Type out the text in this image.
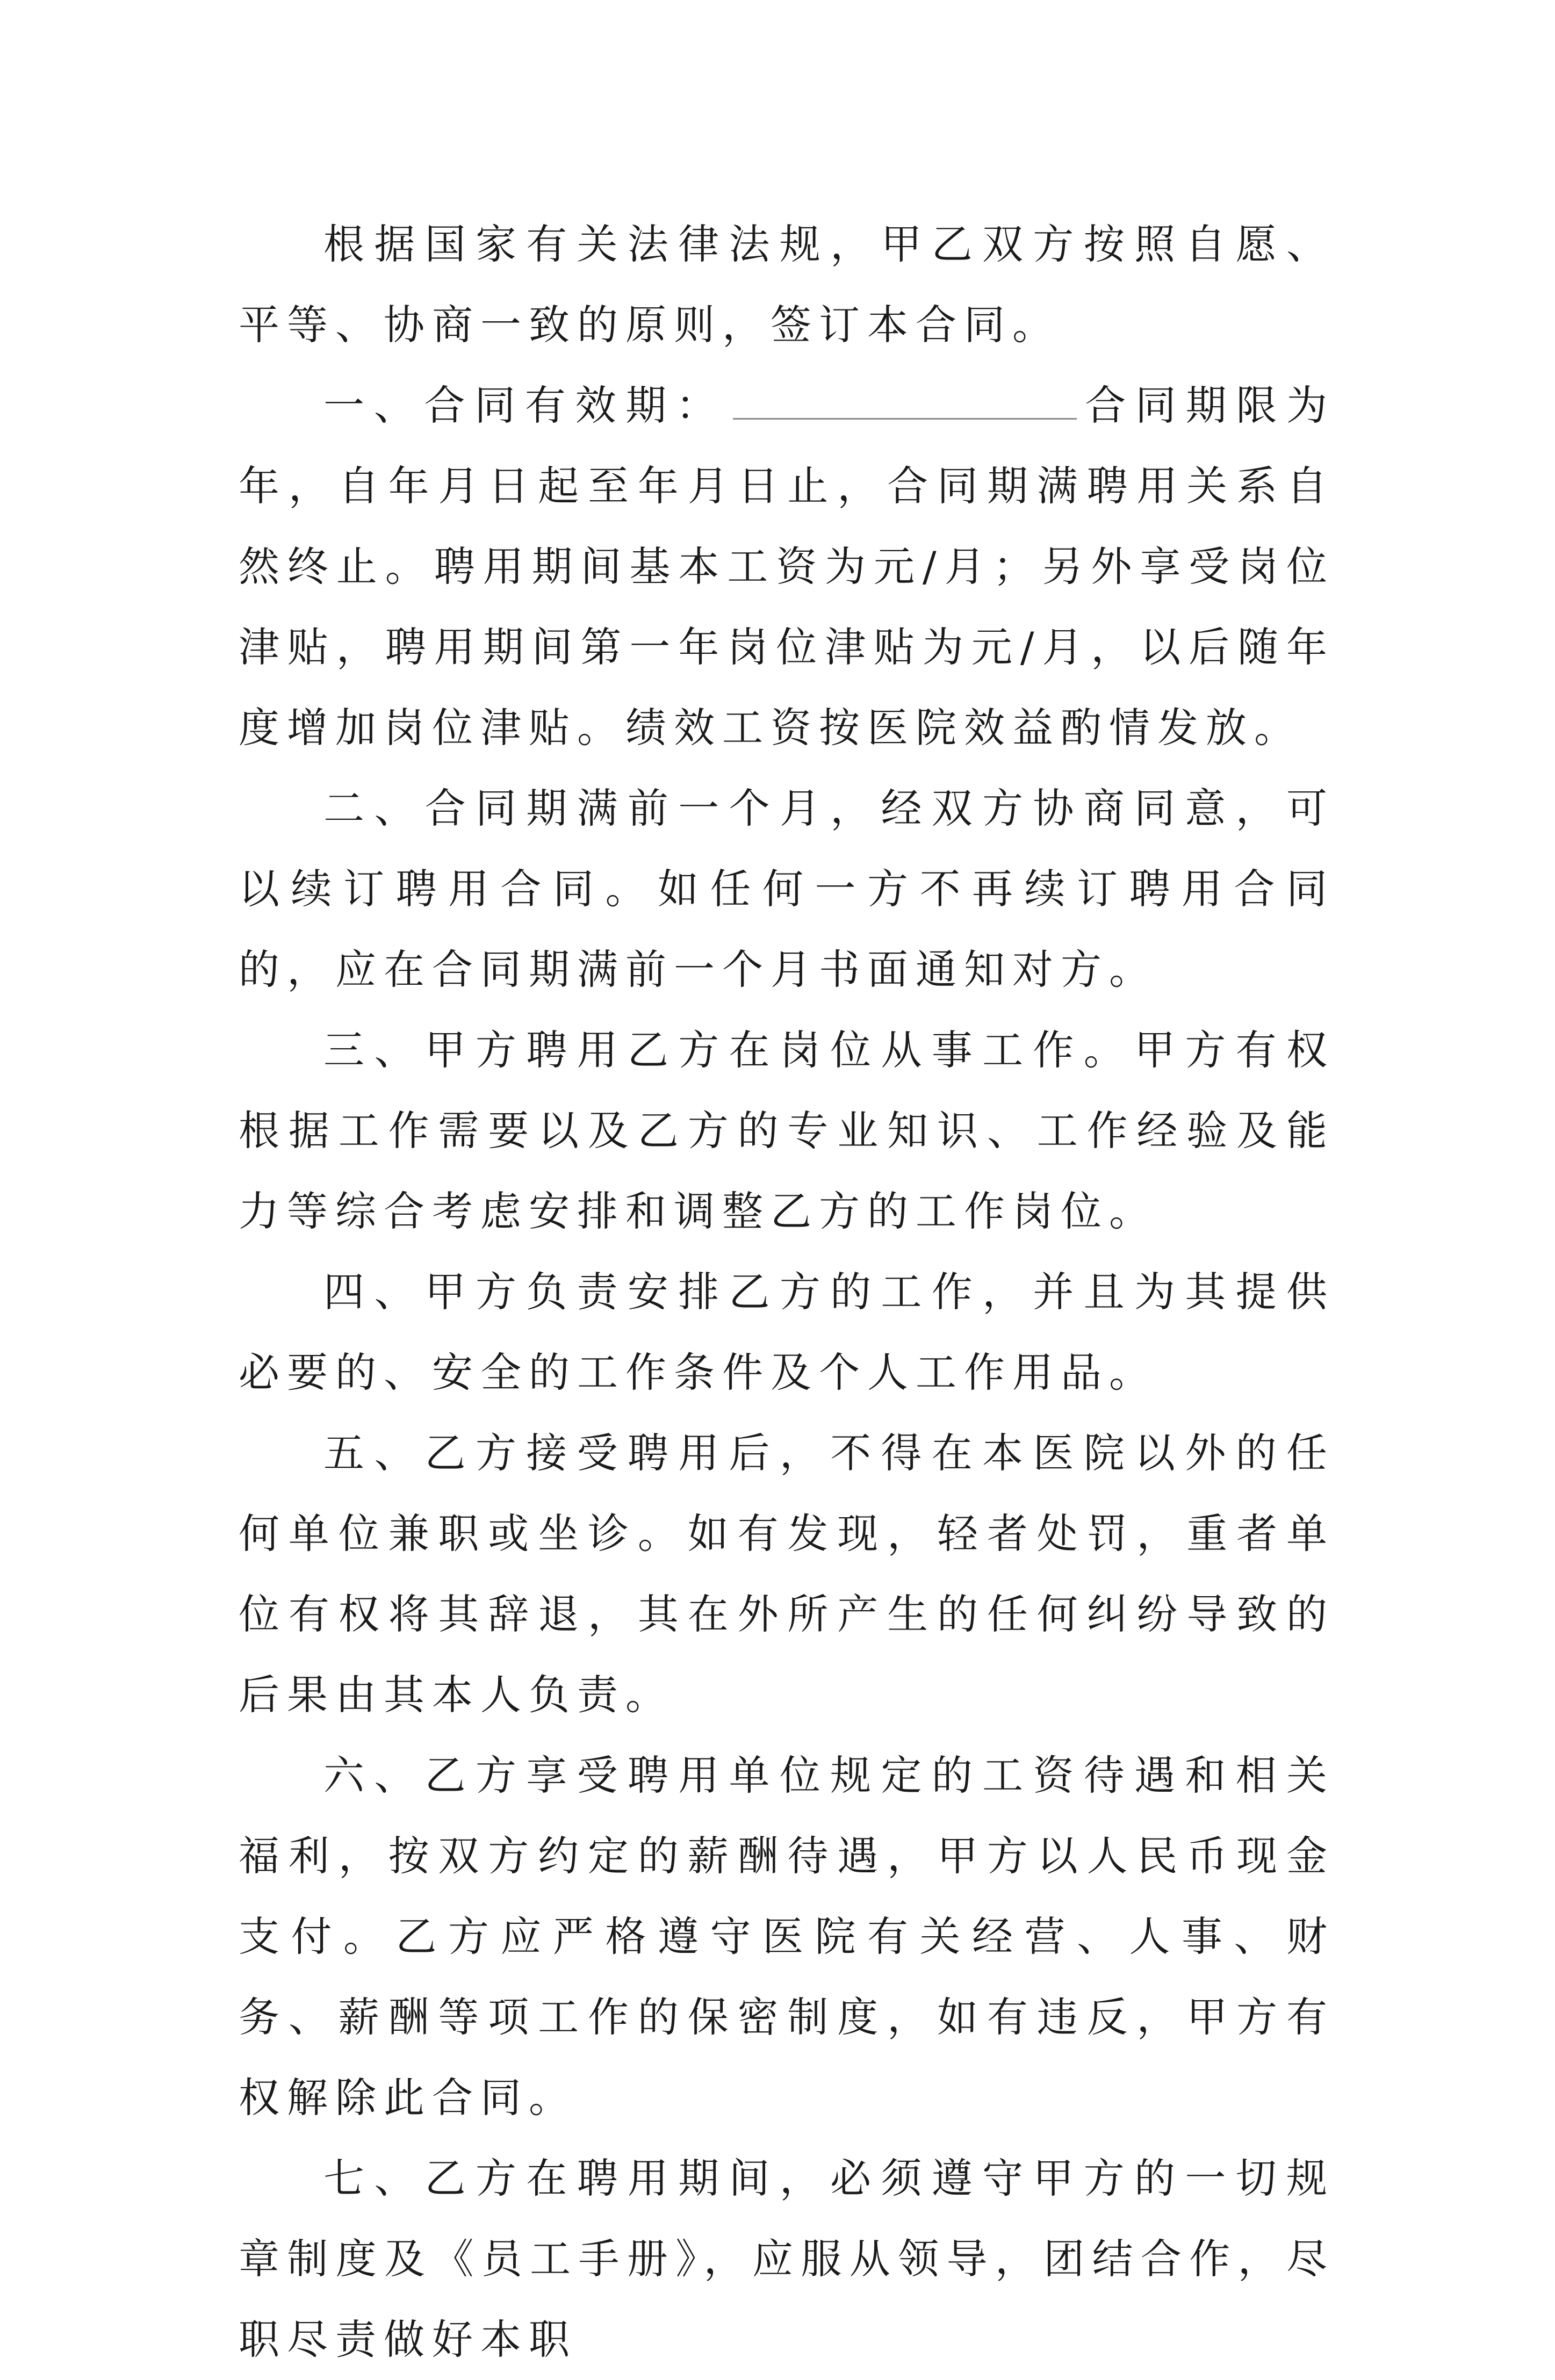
根据国家有关法律法规，甲乙双方按照自愿、平等、协商一致的原则，签订本合同。

一、合同有效期：	合同期限为年，自年月日起至年月日止，合同期满聘用关系自然终止。聘用期间基本工资为元/月；另外享受岗位津贴，聘用期间第一年岗位津贴为元/月，以后随年度增加岗位津贴。绩效工资按医院效益酌情发放。

二、合同期满前一个月，经双方协商同意，可以续订聘用合同。如任何一方不再续订聘用合同的，应在合同期满前一个月书面通知对方。

三、甲方聘用乙方在岗位从事工作。甲方有权根据工作需要以及乙方的专业知识、工作经验及能力等综合考虑安排和调整乙方的工作岗位。

四、甲方负责安排乙方的工作，并且为其提供必要的、安全的工作条件及个人工作用品。

五、乙方接受聘用后，不得在本医院以外的任何单位兼职或坐诊。如有发现，轻者处罚，重者单位有权将其辞退，其在外所产生的任何纠纷导致的后果由其本人负责。

六、乙方享受聘用单位规定的工资待遇和相关福利，按双方约定的薪酬待遇，甲方以人民币现金支付。乙方应严格遵守医院有关经营、人事、财务、薪酬等项工作的保密制度，如有违反，甲方有权解除此合同。

七、乙方在聘用期间，必须遵守甲方的一切规章制度及《员工手册》，应服从领导，团结合作，尽职尽责做好本职
